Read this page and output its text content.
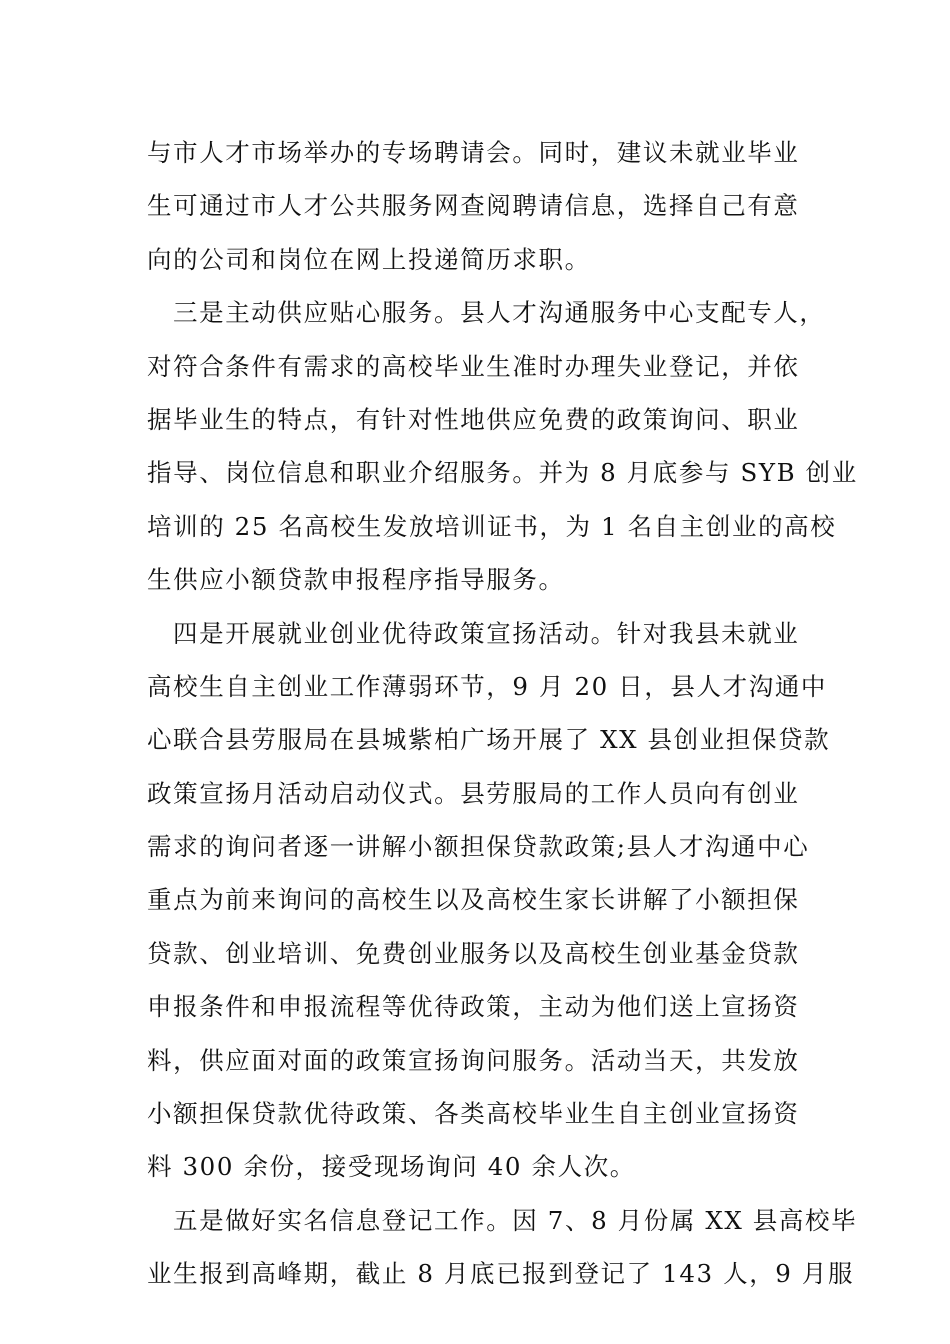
与市人才市场举办的专场聘请会。同时，建议未就业毕业
生可通过市人才公共服务网查阅聘请信息，选择自己有意
向的公司和岗位在网上投递简历求职。
三是主动供应贴心服务。县人才沟通服务中心支配专人，
对符合条件有需求的高校毕业生准时办理失业登记，并依
据毕业生的特点，有针对性地供应免费的政策询问、职业
指导、岗位信息和职业介绍服务。并为 8 月底参与 SYB 创业
培训的 25 名高校生发放培训证书，为 1 名自主创业的高校
生供应小额贷款申报程序指导服务。
四是开展就业创业优待政策宣扬活动。针对我县未就业
高校生自主创业工作薄弱环节，9 月 20 日，县人才沟通中
心联合县劳服局在县城紫柏广场开展了 XX 县创业担保贷款
政策宣扬月活动启动仪式。县劳服局的工作人员向有创业
需求的询问者逐一讲解小额担保贷款政策;县人才沟通中心
重点为前来询问的高校生以及高校生家长讲解了小额担保
贷款、创业培训、免费创业服务以及高校生创业基金贷款
申报条件和申报流程等优待政策，主动为他们送上宣扬资
料，供应面对面的政策宣扬询问服务。活动当天，共发放
小额担保贷款优待政策、各类高校毕业生自主创业宣扬资
料 300 余份，接受现场询问 40 余人次。
五是做好实名信息登记工作。因 7、8 月份属 XX 县高校毕
业生报到高峰期，截止 8 月底已报到登记了 143 人，9 月服
